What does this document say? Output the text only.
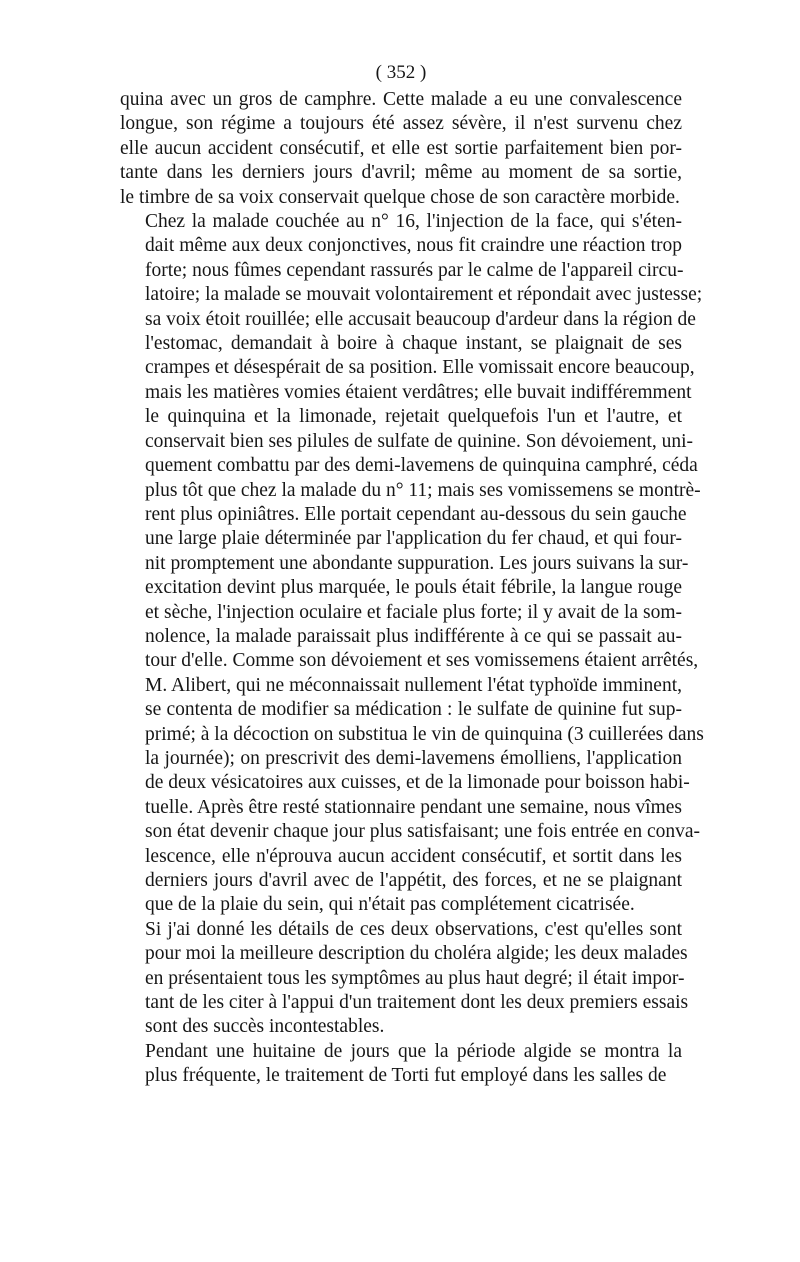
( 352 )

quina avec un gros de camphre. Cette malade a eu une convalescence
longue, son régime a toujours été assez sévère, il n'est survenu chez
elle aucun accident consécutif, et elle est sortie parfaitement bien por-
tante dans les derniers jours d'avril; même au moment de sa sortie,
le timbre de sa voix conservait quelque chose de son caractère morbide.

Chez la malade couchée au n° 16, l'injection de la face, qui s'éten-
dait même aux deux conjonctives, nous fit craindre une réaction trop
forte; nous fûmes cependant rassurés par le calme de l'appareil circu-
latoire; la malade se mouvait volontairement et répondait avec justesse;
sa voix étoit rouillée; elle accusait beaucoup d'ardeur dans la région de
l'estomac, demandait à boire à chaque instant, se plaignait de ses
crampes et désespérait de sa position. Elle vomissait encore beaucoup,
mais les matières vomies étaient verdâtres; elle buvait indifféremment
le quinquina et la limonade, rejetait quelquefois l'un et l'autre, et
conservait bien ses pilules de sulfate de quinine. Son dévoiement, uni-
quement combattu par des demi-lavemens de quinquina camphré, céda
plus tôt que chez la malade du n° 11; mais ses vomissemens se montrè-
rent plus opiniâtres. Elle portait cependant au-dessous du sein gauche
une large plaie déterminée par l'application du fer chaud, et qui four-
nit promptement une abondante suppuration. Les jours suivans la sur-
excitation devint plus marquée, le pouls était fébrile, la langue rouge
et sèche, l'injection oculaire et faciale plus forte; il y avait de la som-
nolence, la malade paraissait plus indifférente à ce qui se passait au-
tour d'elle. Comme son dévoiement et ses vomissemens étaient arrêtés,
M. Alibert, qui ne méconnaissait nullement l'état typhoïde imminent,
se contenta de modifier sa médication : le sulfate de quinine fut sup-
primé; à la décoction on substitua le vin de quinquina (3 cuillerées dans
la journée); on prescrivit des demi-lavemens émolliens, l'application
de deux vésicatoires aux cuisses, et de la limonade pour boisson habi-
tuelle. Après être resté stationnaire pendant une semaine, nous vîmes
son état devenir chaque jour plus satisfaisant; une fois entrée en conva-
lescence, elle n'éprouva aucun accident consécutif, et sortit dans les
derniers jours d'avril avec de l'appétit, des forces, et ne se plaignant
que de la plaie du sein, qui n'était pas complétement cicatrisée.

Si j'ai donné les détails de ces deux observations, c'est qu'elles sont
pour moi la meilleure description du choléra algide; les deux malades
en présentaient tous les symptômes au plus haut degré; il était impor-
tant de les citer à l'appui d'un traitement dont les deux premiers essais
sont des succès incontestables.

Pendant une huitaine de jours que la période algide se montra la
plus fréquente, le traitement de Torti fut employé dans les salles de
